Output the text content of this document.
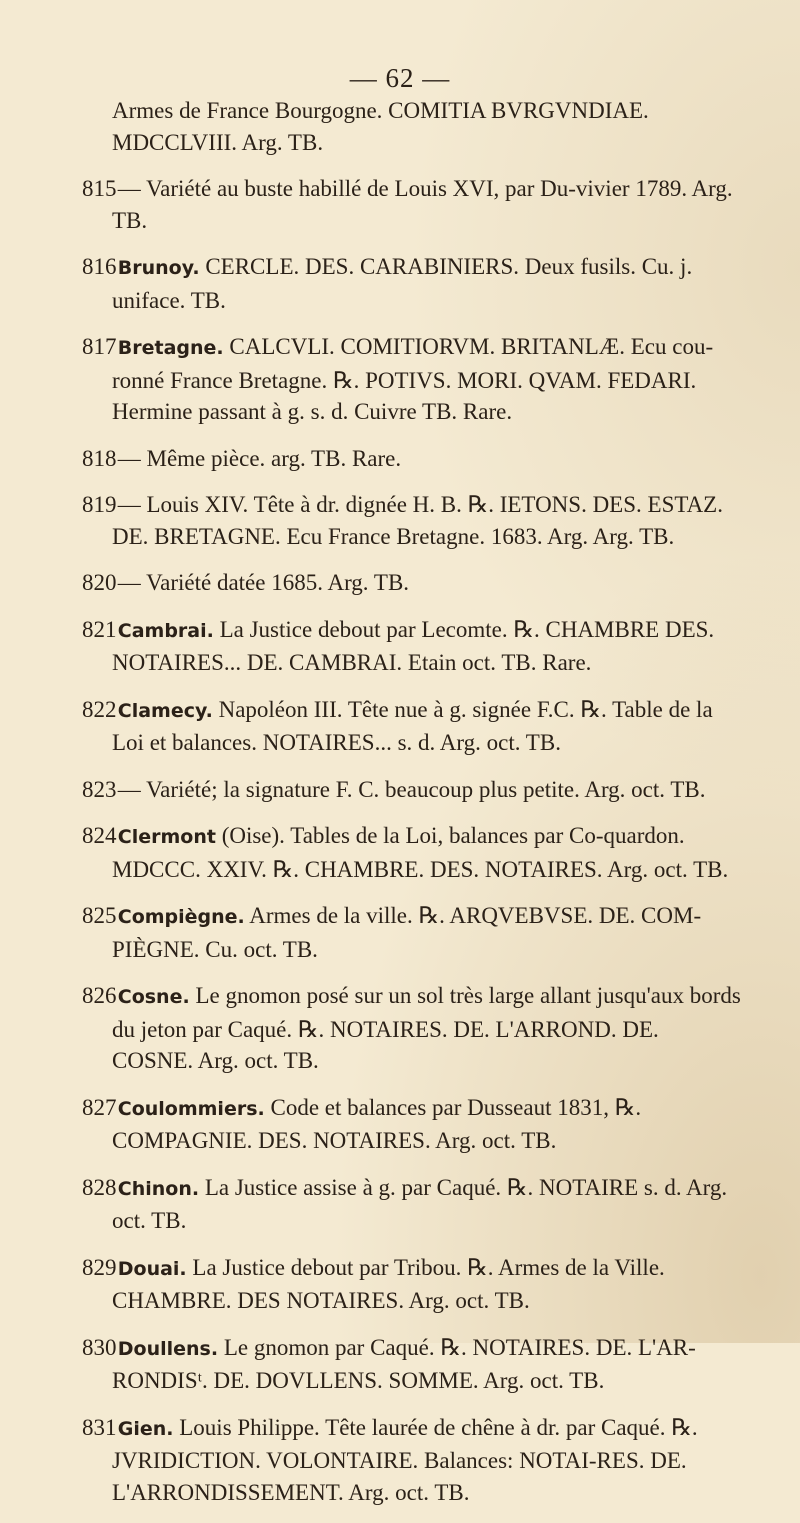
— 62 —

Armes de France Bourgogne. COMITIA BVRGVNDIAE. MDCCLVIII. Arg. TB.

815 — Variété au buste habillé de Louis XVI, par Du-vivier 1789. Arg. TB.

816 Brunoy. CERCLE. DES. CARABINIERS. Deux fusils. Cu. j. uniface. TB.

817 Bretagne. CALCVLI. COMITIORVM. BRITANLÆ. Ecu cou-ronné France Bretagne. ℞. POTIVS. MORI. QVAM. FEDARI. Hermine passant à g. s. d. Cuivre TB. Rare.

818 — Même pièce. arg. TB. Rare.

819 — Louis XIV. Tête à dr. dignée H. B. ℞. IETONS. DES. ESTAZ. DE. BRETAGNE. Ecu France Bretagne. 1683. Arg. Arg. TB.

820 — Variété datée 1685. Arg. TB.

821 Cambrai. La Justice debout par Lecomte. ℞. CHAMBRE DES. NOTAIRES... DE. CAMBRAI. Etain oct. TB. Rare.

822 Clamecy. Napoléon III. Tête nue à g. signée F.C. ℞. Table de la Loi et balances. NOTAIRES... s. d. Arg. oct. TB.

823 — Variété; la signature F. C. beaucoup plus petite. Arg. oct. TB.

824 Clermont (Oise). Tables de la Loi, balances par Co-quardon. MDCCC. XXIV. ℞. CHAMBRE. DES. NOTAIRES. Arg. oct. TB.

825 Compiègne. Armes de la ville. ℞. ARQVEBVSE. DE. COM-PIÈGNE. Cu. oct. TB.

826 Cosne. Le gnomon posé sur un sol très large allant jusqu'aux bords du jeton par Caqué. ℞. NOTAIRES. DE. L'ARROND. DE. COSNE. Arg. oct. TB.

827 Coulommiers. Code et balances par Dusseaut 1831, ℞. COMPAGNIE. DES. NOTAIRES. Arg. oct. TB.

828 Chinon. La Justice assise à g. par Caqué. ℞. NOTAIRE s. d. Arg. oct. TB.

829 Douai. La Justice debout par Tribou. ℞. Armes de la Ville. CHAMBRE. DES NOTAIRES. Arg. oct. TB.

830 Doullens. Le gnomon par Caqué. ℞. NOTAIRES. DE. L'AR-RONDISᵗ. DE. DOVLLENS. SOMME. Arg. oct. TB.

831 Gien. Louis Philippe. Tête laurée de chêne à dr. par Caqué. ℞. JVRIDICTION. VOLONTAIRE. Balances: NOTAI-RES. DE. L'ARRONDISSEMENT. Arg. oct. TB.
